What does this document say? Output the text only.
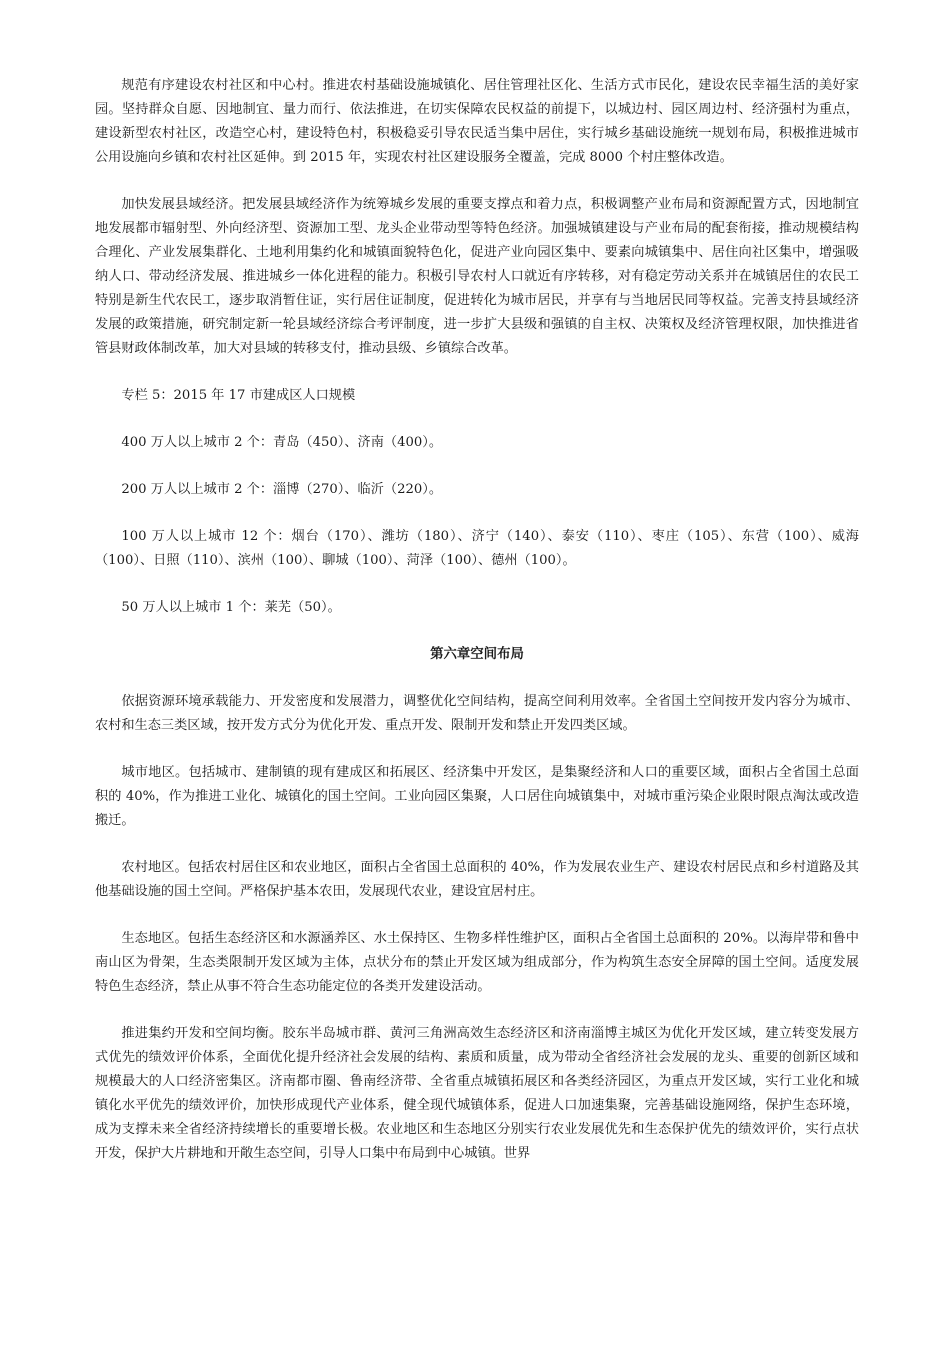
规范有序建设农村社区和中心村。推进农村基础设施城镇化、居住管理社区化、生活方式市民化，建设农民幸福生活的美好家园。坚持群众自愿、因地制宜、量力而行、依法推进，在切实保障农民权益的前提下，以城边村、园区周边村、经济强村为重点，建设新型农村社区，改造空心村，建设特色村，积极稳妥引导农民适当集中居住，实行城乡基础设施统一规划布局，积极推进城市公用设施向乡镇和农村社区延伸。到 2015 年，实现农村社区建设服务全覆盖，完成 8000 个村庄整体改造。

加快发展县域经济。把发展县域经济作为统筹城乡发展的重要支撑点和着力点，积极调整产业布局和资源配置方式，因地制宜地发展都市辐射型、外向经济型、资源加工型、龙头企业带动型等特色经济。加强城镇建设与产业布局的配套衔接，推动规模结构合理化、产业发展集群化、土地利用集约化和城镇面貌特色化，促进产业向园区集中、要素向城镇集中、居住向社区集中，增强吸纳人口、带动经济发展、推进城乡一体化进程的能力。积极引导农村人口就近有序转移，对有稳定劳动关系并在城镇居住的农民工特别是新生代农民工，逐步取消暂住证，实行居住证制度，促进转化为城市居民，并享有与当地居民同等权益。完善支持县域经济发展的政策措施，研究制定新一轮县域经济综合考评制度，进一步扩大县级和强镇的自主权、决策权及经济管理权限，加快推进省管县财政体制改革，加大对县域的转移支付，推动县级、乡镇综合改革。

专栏 5：2015 年 17 市建成区人口规模

400 万人以上城市 2 个：青岛（450）、济南（400）。

200 万人以上城市 2 个：淄博（270）、临沂（220）。

100 万人以上城市 12 个：烟台（170）、潍坊（180）、济宁（140）、泰安（110）、枣庄（105）、东营（100）、威海（100）、日照（110）、滨州（100）、聊城（100）、菏泽（100）、德州（100）。

50 万人以上城市 1 个：莱芜（50）。

第六章空间布局

依据资源环境承载能力、开发密度和发展潜力，调整优化空间结构，提高空间利用效率。全省国土空间按开发内容分为城市、农村和生态三类区域，按开发方式分为优化开发、重点开发、限制开发和禁止开发四类区域。

城市地区。包括城市、建制镇的现有建成区和拓展区、经济集中开发区，是集聚经济和人口的重要区域，面积占全省国土总面积的 40%，作为推进工业化、城镇化的国土空间。工业向园区集聚，人口居住向城镇集中，对城市重污染企业限时限点淘汰或改造搬迁。

农村地区。包括农村居住区和农业地区，面积占全省国土总面积的 40%，作为发展农业生产、建设农村居民点和乡村道路及其他基础设施的国土空间。严格保护基本农田，发展现代农业，建设宜居村庄。

生态地区。包括生态经济区和水源涵养区、水土保持区、生物多样性维护区，面积占全省国土总面积的 20%。以海岸带和鲁中南山区为骨架，生态类限制开发区域为主体，点状分布的禁止开发区域为组成部分，作为构筑生态安全屏障的国土空间。适度发展特色生态经济，禁止从事不符合生态功能定位的各类开发建设活动。

推进集约开发和空间均衡。胶东半岛城市群、黄河三角洲高效生态经济区和济南淄博主城区为优化开发区域，建立转变发展方式优先的绩效评价体系，全面优化提升经济社会发展的结构、素质和质量，成为带动全省经济社会发展的龙头、重要的创新区域和规模最大的人口经济密集区。济南都市圈、鲁南经济带、全省重点城镇拓展区和各类经济园区，为重点开发区域，实行工业化和城镇化水平优先的绩效评价，加快形成现代产业体系，健全现代城镇体系，促进人口加速集聚，完善基础设施网络，保护生态环境，成为支撑未来全省经济持续增长的重要增长极。农业地区和生态地区分别实行农业发展优先和生态保护优先的绩效评价，实行点状开发，保护大片耕地和开敞生态空间，引导人口集中布局到中心城镇。世界
